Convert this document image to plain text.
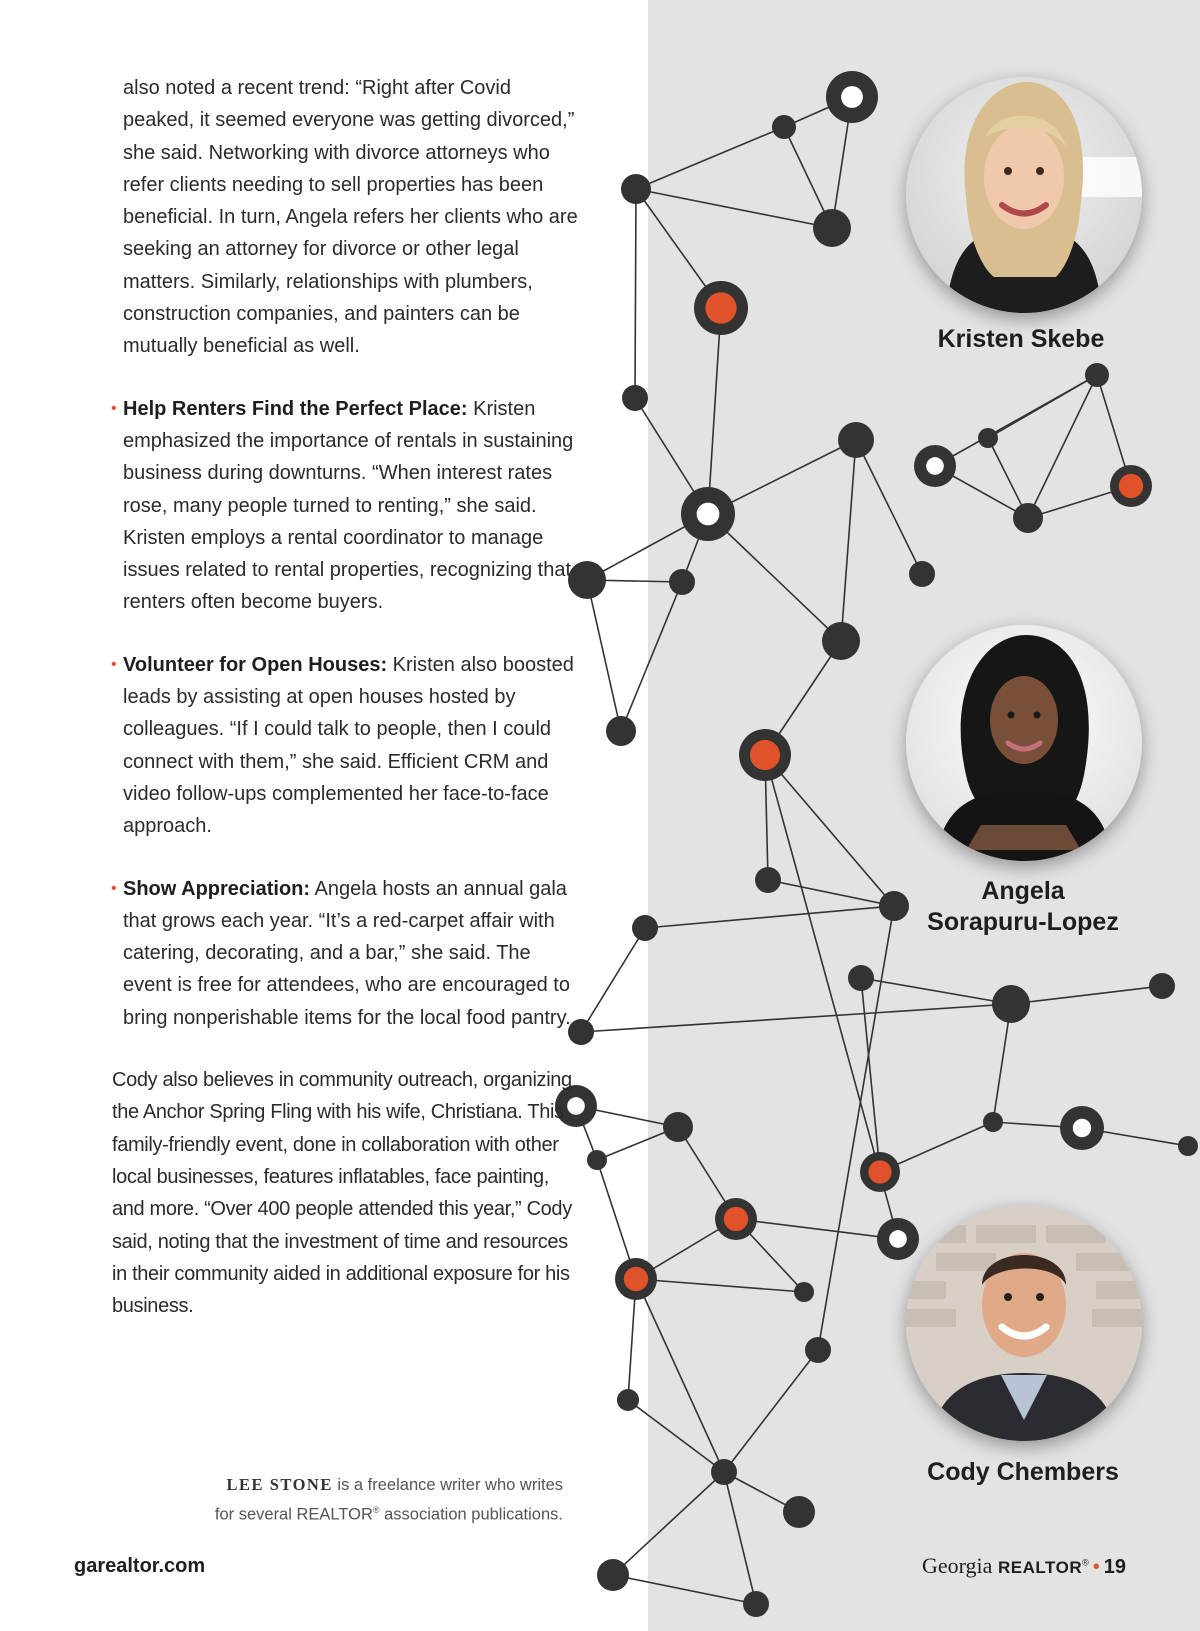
also noted a recent trend: “Right after Covid peaked, it seemed everyone was getting divorced,” she said. Networking with divorce attorneys who refer clients needing to sell properties has been beneficial. In turn, Angela refers her clients who are seeking an attorney for divorce or other legal matters. Similarly, relationships with plumbers, construction companies, and painters can be mutually beneficial as well.

• Help Renters Find the Perfect Place: Kristen emphasized the importance of rentals in sustaining business during downturns. “When interest rates rose, many people turned to renting,” she said. Kristen employs a rental coordinator to manage issues related to rental properties, recognizing that renters often become buyers.

• Volunteer for Open Houses: Kristen also boosted leads by assisting at open houses hosted by colleagues. “If I could talk to people, then I could connect with them,” she said. Efficient CRM and video follow-ups complemented her face-to-face approach.

• Show Appreciation: Angela hosts an annual gala that grows each year. “It’s a red-carpet affair with catering, decorating, and a bar,” she said. The event is free for attendees, who are encouraged to bring nonperishable items for the local food pantry.

Cody also believes in community outreach, organizing the Anchor Spring Fling with his wife, Christiana. This family-friendly event, done in collaboration with other local businesses, features inflatables, face painting, and more. “Over 400 people attended this year,” Cody said, noting that the investment of time and resources in their community aided in additional exposure for his business.

LEE STONE is a freelance writer who writes
for several REALTOR® association publications.
Kristen Skebe
Angela
Sorapuru-Lopez
Cody Chembers
garealtor.com	Georgia REALTOR® • 19
